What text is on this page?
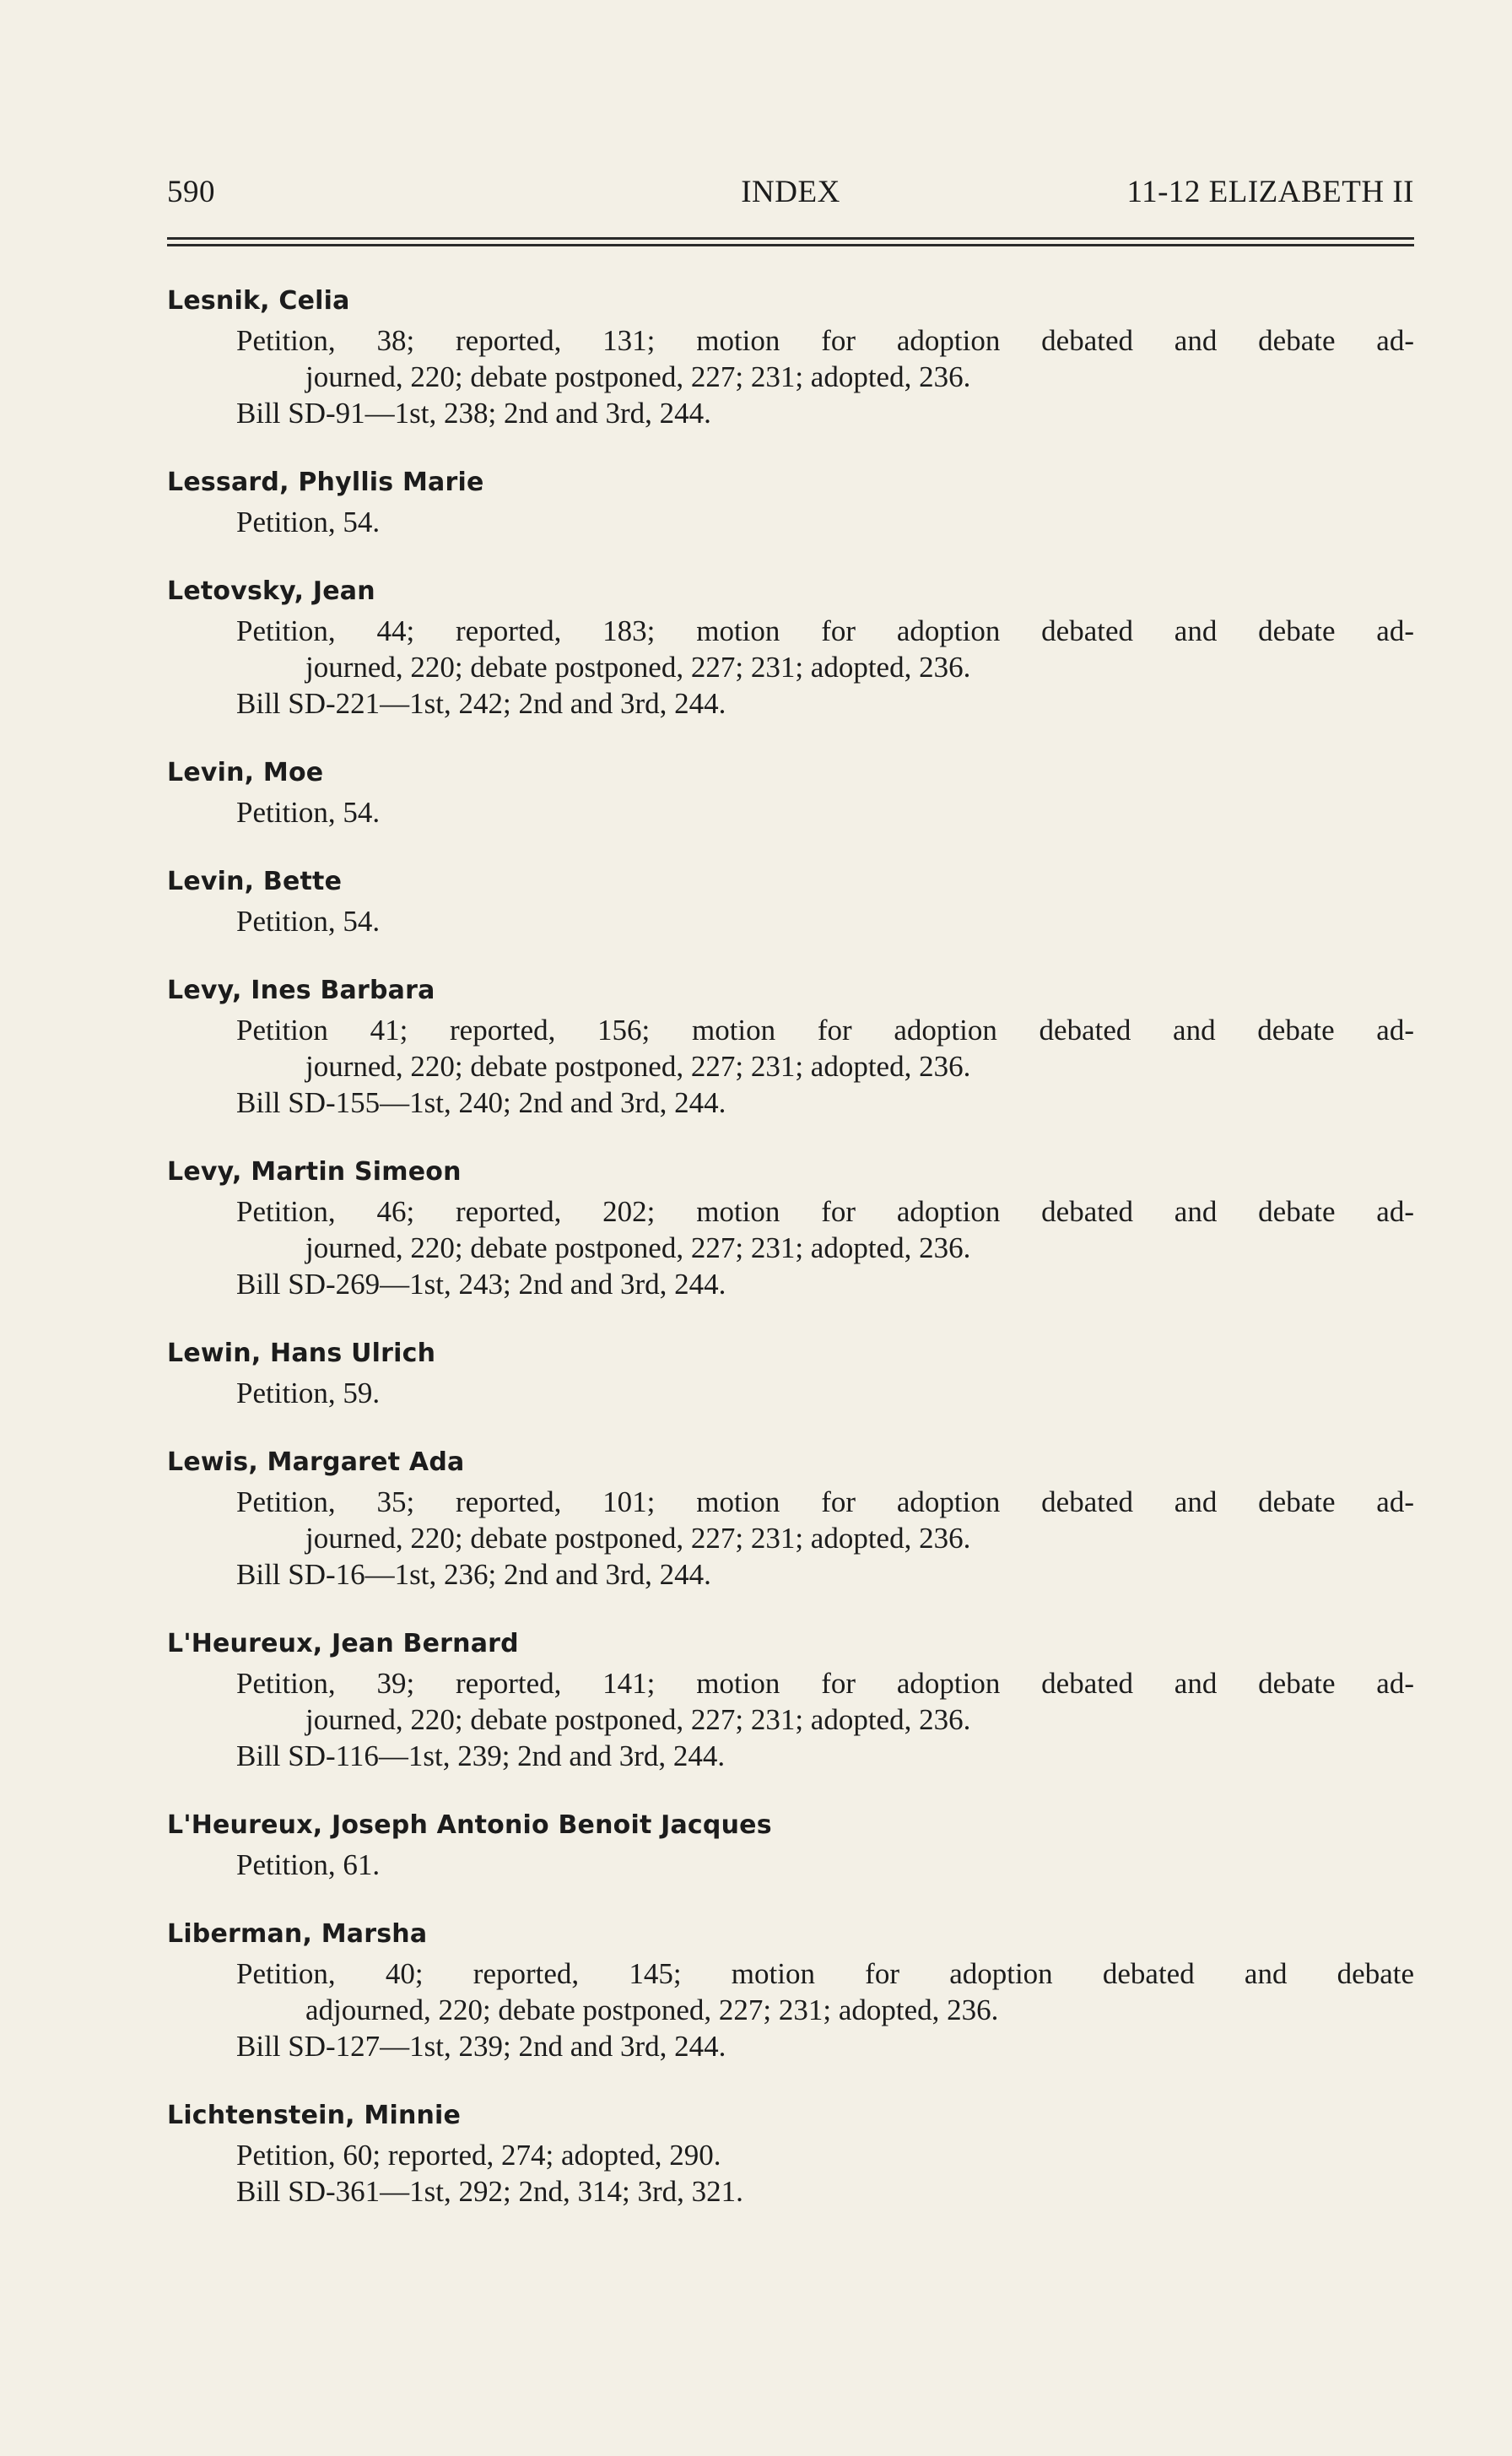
590	INDEX	11-12 ELIZABETH II
Lesnik, Celia
Petition, 38; reported, 131; motion for adoption debated and debate ad-
journed, 220; debate postponed, 227; 231; adopted, 236.
Bill SD-91—1st, 238; 2nd and 3rd, 244.
Lessard, Phyllis Marie
Petition, 54.
Letovsky, Jean
Petition, 44; reported, 183; motion for adoption debated and debate ad-
journed, 220; debate postponed, 227; 231; adopted, 236.
Bill SD-221—1st, 242; 2nd and 3rd, 244.
Levin, Moe
Petition, 54.
Levin, Bette
Petition, 54.
Levy, Ines Barbara
Petition 41; reported, 156; motion for adoption debated and debate ad-
journed, 220; debate postponed, 227; 231; adopted, 236.
Bill SD-155—1st, 240; 2nd and 3rd, 244.
Levy, Martin Simeon
Petition, 46; reported, 202; motion for adoption debated and debate ad-
journed, 220; debate postponed, 227; 231; adopted, 236.
Bill SD-269—1st, 243; 2nd and 3rd, 244.
Lewin, Hans Ulrich
Petition, 59.
Lewis, Margaret Ada
Petition, 35; reported, 101; motion for adoption debated and debate ad-
journed, 220; debate postponed, 227; 231; adopted, 236.
Bill SD-16—1st, 236; 2nd and 3rd, 244.
L'Heureux, Jean Bernard
Petition, 39; reported, 141; motion for adoption debated and debate ad-
journed, 220; debate postponed, 227; 231; adopted, 236.
Bill SD-116—1st, 239; 2nd and 3rd, 244.
L'Heureux, Joseph Antonio Benoit Jacques
Petition, 61.
Liberman, Marsha
Petition, 40; reported, 145; motion for adoption debated and debate
adjourned, 220; debate postponed, 227; 231; adopted, 236.
Bill SD-127—1st, 239; 2nd and 3rd, 244.
Lichtenstein, Minnie
Petition, 60; reported, 274; adopted, 290.
Bill SD-361—1st, 292; 2nd, 314; 3rd, 321.
